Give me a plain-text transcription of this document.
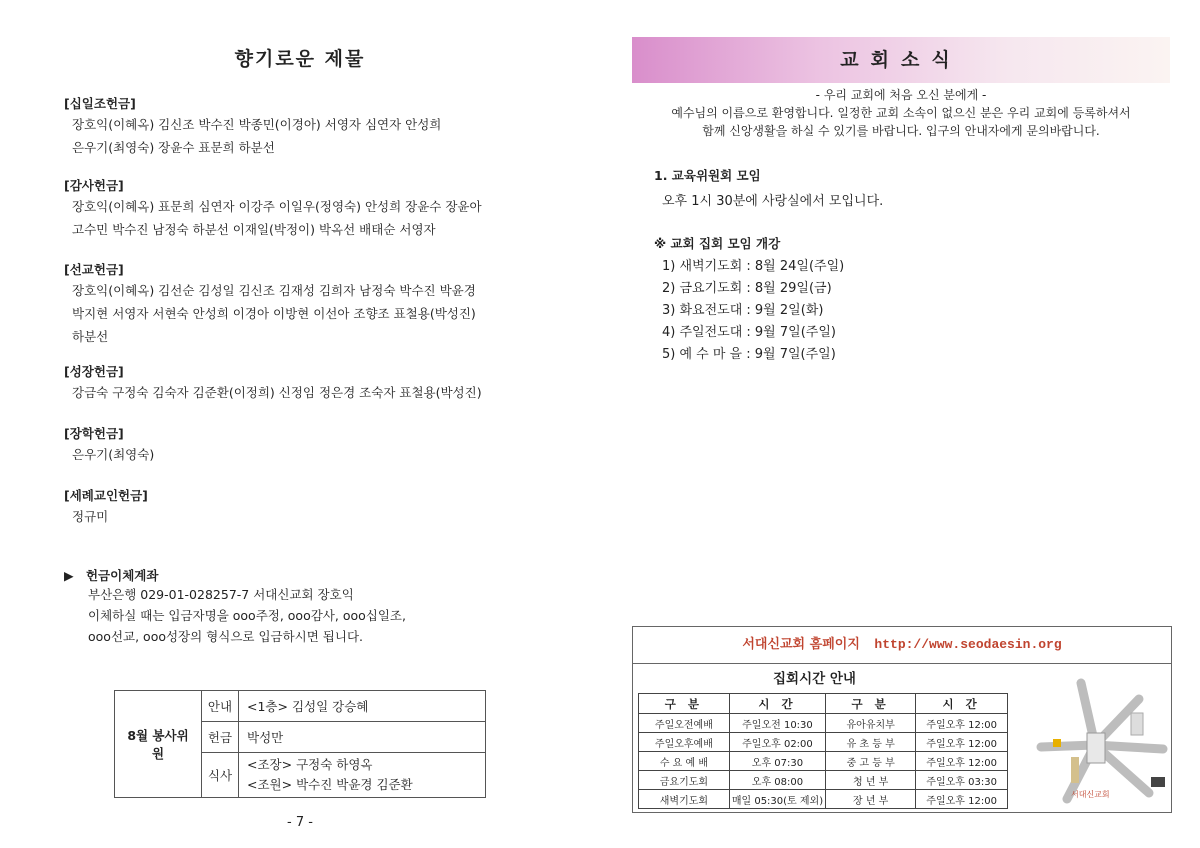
향기로운 제물
[십일조헌금]
장호익(이혜옥) 김신조 박수진 박종민(이경아) 서영자 심연자 안성희
은우기(최영숙) 장윤수 표문희 하분선
[감사헌금]
장호익(이혜옥) 표문희 심연자 이강주 이일우(정영숙) 안성희 장윤수 장윤아
고수민 박수진 남정숙 하분선 이재일(박정이) 박옥선 배태순 서영자
[선교헌금]
장호익(이혜옥) 김선순 김성일 김신조 김재성 김희자 남정숙 박수진 박윤경
박지현 서영자 서현숙 안성희 이경아 이방현 이선아 조향조 표철용(박성진)
하분선
[성장헌금]
강금숙 구정숙 김숙자 김준환(이정희) 신정임 정은경 조숙자 표철용(박성진)
[장학헌금]
은우기(최영숙)
[세례교인헌금]
정규미
▶ 헌금이체계좌
부산은행 029-01-028257-7 서대신교회 장호익
이체하실 때는 입금자명을 ooo주정, ooo감사, ooo십일조,
ooo선교, ooo성장의 형식으로 입금하시면 됩니다.
8월 봉사위원	안내	<1층> 김성일 강승혜
	헌금	박성만
	식사	<조장> 구정숙 하영옥
<조원> 박수진 박윤경 김준환
- 7 -
교회소식
- 우리 교회에 처음 오신 분에게 -
예수님의 이름으로 환영합니다. 일정한 교회 소속이 없으신 분은 우리 교회에 등록하셔서
함께 신앙생활을 하실 수 있기를 바랍니다. 입구의 안내자에게 문의바랍니다.
1. 교육위원회 모임
오후 1시 30분에 사랑실에서 모입니다.
※ 교회 집회 모임 개강
1) 새벽기도회 : 8월 24일(주일)
2) 금요기도회 : 8월 29일(금)
3) 화요전도대 : 9월 2일(화)
4) 주일전도대 : 9월 7일(주일)
5) 예 수 마 을 : 9월 7일(주일)
서대신교회 홈페이지 http://www.seodaesin.org
집회시간 안내
구 분	시 간	구 분	시 간
주일오전예배	주일오전 10:30	유아유치부	주일오후 12:00
주일오후예배	주일오후 02:00	유 초 등 부	주일오후 12:00
수 요 예 배	오후 07:30	중 고 등 부	주일오후 12:00
금요기도회	오후 08:00	청 년 부	주일오후 03:30
새벽기도회	매일 05:30(토 제외)	장 년 부	주일오후 12:00
서대신교회
